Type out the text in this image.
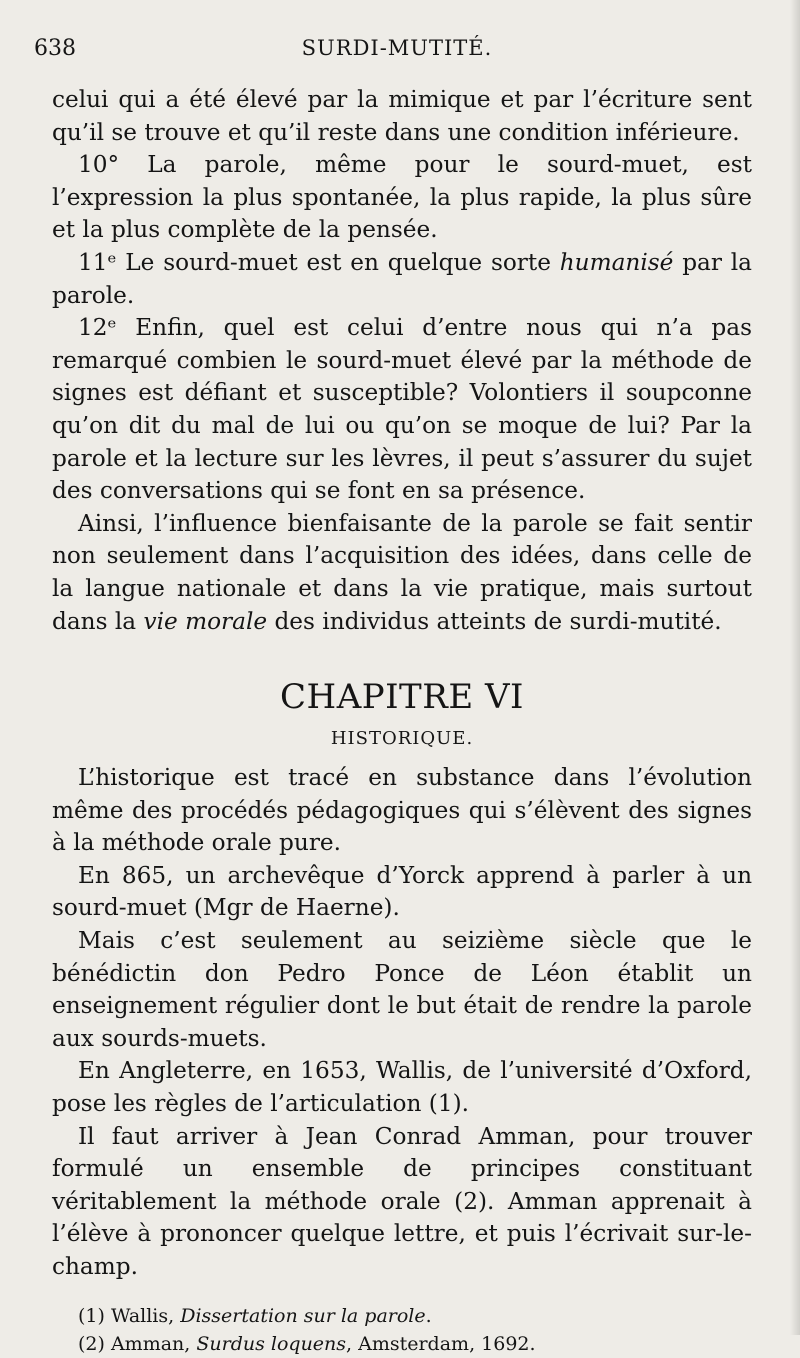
638	SURDI-MUTITÉ.

celui qui a été élevé par la mimique et par l’écriture sent qu’il se trouve et qu’il reste dans une condition inférieure.

10° La parole, même pour le sourd-muet, est l’expression la plus spontanée, la plus rapide, la plus sûre et la plus complète de la pensée.

11ᵉ Le sourd-muet est en quelque sorte humanisé par la parole.

12ᵉ Enfin, quel est celui d’entre nous qui n’a pas remarqué combien le sourd-muet élevé par la méthode de signes est défiant et susceptible? Volontiers il soupconne qu’on dit du mal de lui ou qu’on se moque de lui? Par la parole et la lecture sur les lèvres, il peut s’assurer du sujet des conversations qui se font en sa présence.

Ainsi, l’influence bienfaisante de la parole se fait sentir non seulement dans l’acquisition des idées, dans celle de la langue nationale et dans la vie pratique, mais surtout dans la vie morale des individus atteints de surdi-mutité.

CHAPITRE VI
HISTORIQUE.

L’historique est tracé en substance dans l’évolution même des procédés pédagogiques qui s’élèvent des signes à la méthode orale pure.

En 865, un archevêque d’Yorck apprend à parler à un sourd-muet (Mgr de Haerne).

Mais c’est seulement au seizième siècle que le bénédictin don Pedro Ponce de Léon établit un enseignement régulier dont le but était de rendre la parole aux sourds-muets.

En Angleterre, en 1653, Wallis, de l’université d’Oxford, pose les règles de l’articulation (1).

Il faut arriver à Jean Conrad Amman, pour trouver formulé un ensemble de principes constituant véritablement la méthode orale (2). Amman apprenait à l’élève à prononcer quelque lettre, et puis l’écrivait sur-le-champ.

(1) Wallis, Dissertation sur la parole.

(2) Amman, Surdus loquens, Amsterdam, 1692.
